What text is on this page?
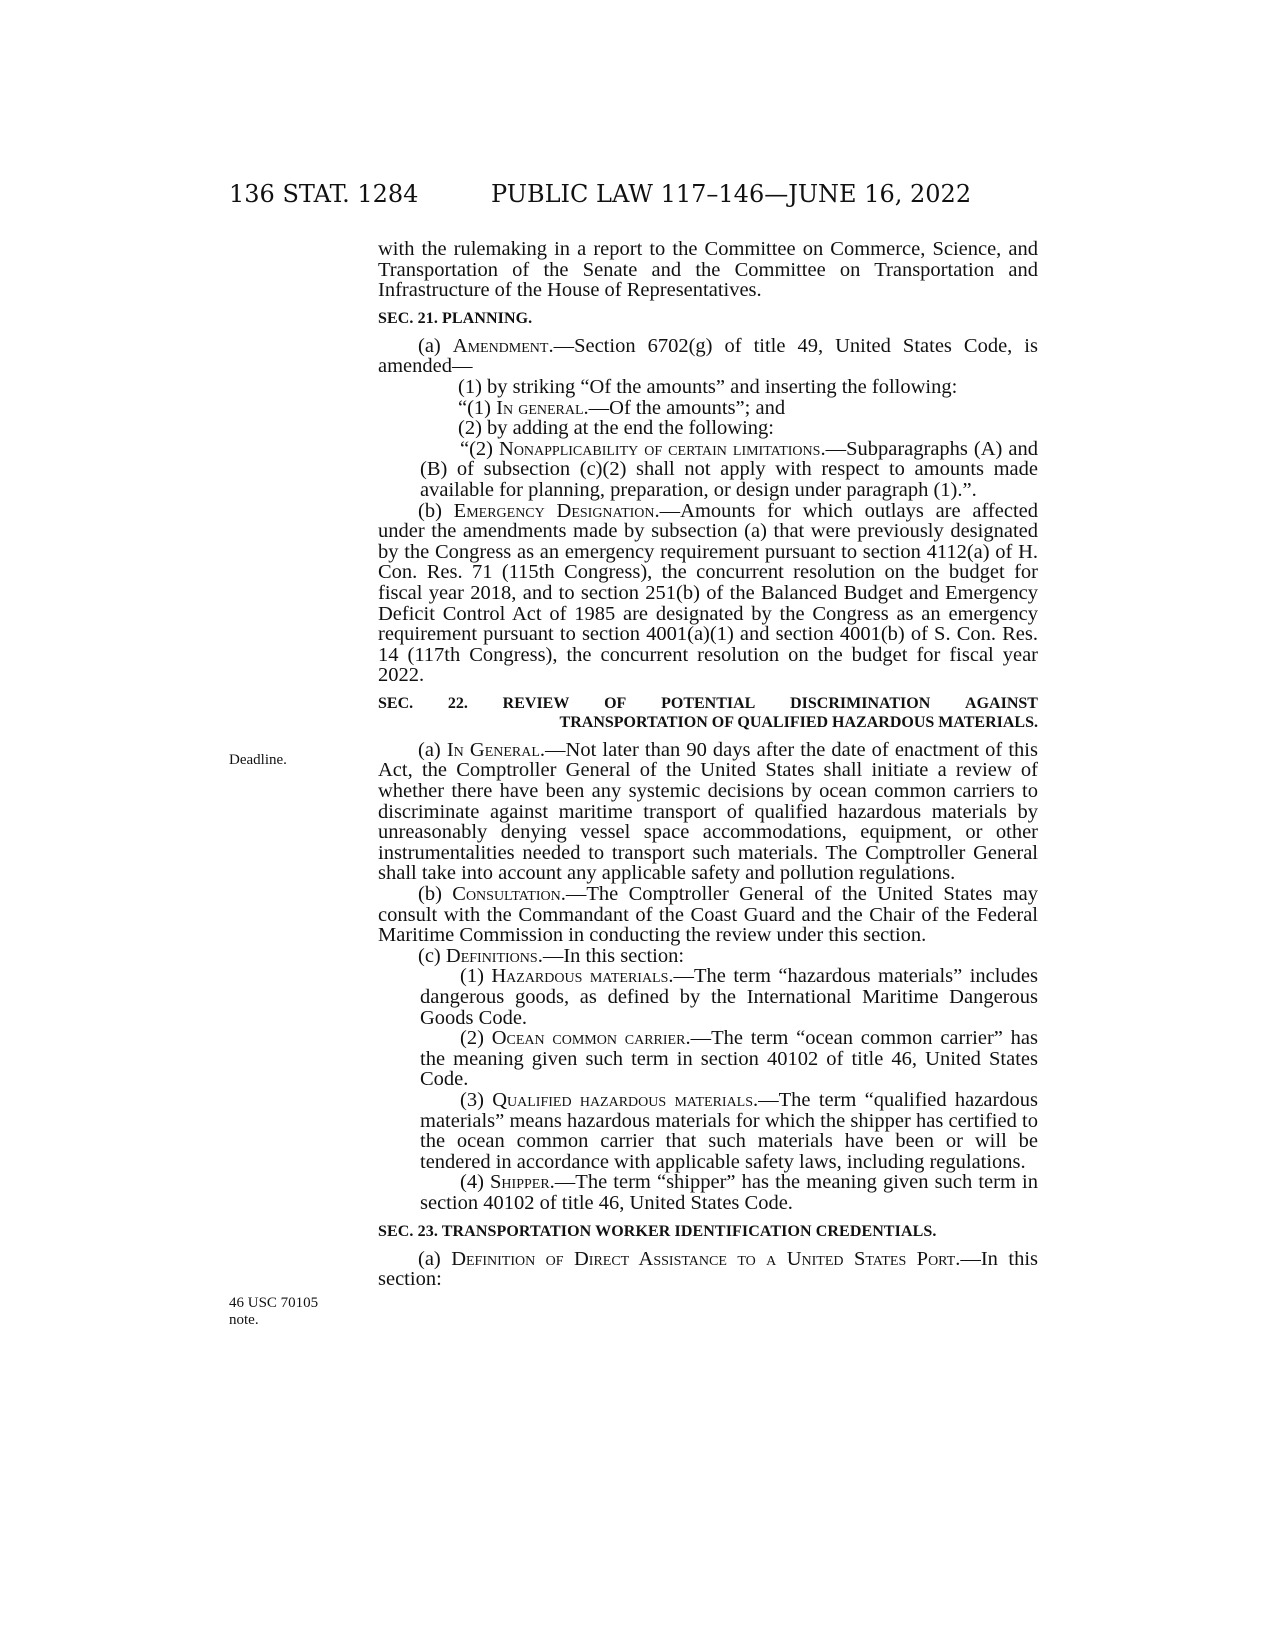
136 STAT. 1284	PUBLIC LAW 117–146—JUNE 16, 2022
Deadline.
46 USC 70105
note.

with the rulemaking in a report to the Committee on Commerce, Science, and Transportation of the Senate and the Committee on Transportation and Infrastructure of the House of Representatives.

SEC. 21. PLANNING.

(a) Amendment.—Section 6702(g) of title 49, United States Code, is amended—

(1) by striking “Of the amounts” and inserting the following:

“(1) In general.—Of the amounts”; and

(2) by adding at the end the following:

“(2) Nonapplicability of certain limitations.—Subparagraphs (A) and (B) of subsection (c)(2) shall not apply with respect to amounts made available for planning, preparation, or design under paragraph (1).”.

(b) Emergency Designation.—Amounts for which outlays are affected under the amendments made by subsection (a) that were previously designated by the Congress as an emergency requirement pursuant to section 4112(a) of H. Con. Res. 71 (115th Congress), the concurrent resolution on the budget for fiscal year 2018, and to section 251(b) of the Balanced Budget and Emergency Deficit Control Act of 1985 are designated by the Congress as an emergency requirement pursuant to section 4001(a)(1) and section 4001(b) of S. Con. Res. 14 (117th Congress), the concurrent resolution on the budget for fiscal year 2022.

SEC. 22. REVIEW OF POTENTIAL DISCRIMINATION AGAINST
TRANSPORTATION OF QUALIFIED HAZARDOUS MATERIALS.

(a) In General.—Not later than 90 days after the date of enactment of this Act, the Comptroller General of the United States shall initiate a review of whether there have been any systemic decisions by ocean common carriers to discriminate against maritime transport of qualified hazardous materials by unreasonably denying vessel space accommodations, equipment, or other instrumentalities needed to transport such materials. The Comptroller General shall take into account any applicable safety and pollution regulations.

(b) Consultation.—The Comptroller General of the United States may consult with the Commandant of the Coast Guard and the Chair of the Federal Maritime Commission in conducting the review under this section.

(c) Definitions.—In this section:

(1) Hazardous materials.—The term “hazardous materials” includes dangerous goods, as defined by the International Maritime Dangerous Goods Code.

(2) Ocean common carrier.—The term “ocean common carrier” has the meaning given such term in section 40102 of title 46, United States Code.

(3) Qualified hazardous materials.—The term “qualified hazardous materials” means hazardous materials for which the shipper has certified to the ocean common carrier that such materials have been or will be tendered in accordance with applicable safety laws, including regulations.

(4) Shipper.—The term “shipper” has the meaning given such term in section 40102 of title 46, United States Code.

SEC. 23. TRANSPORTATION WORKER IDENTIFICATION CREDENTIALS.

(a) Definition of Direct Assistance to a United States Port.—In this section:
